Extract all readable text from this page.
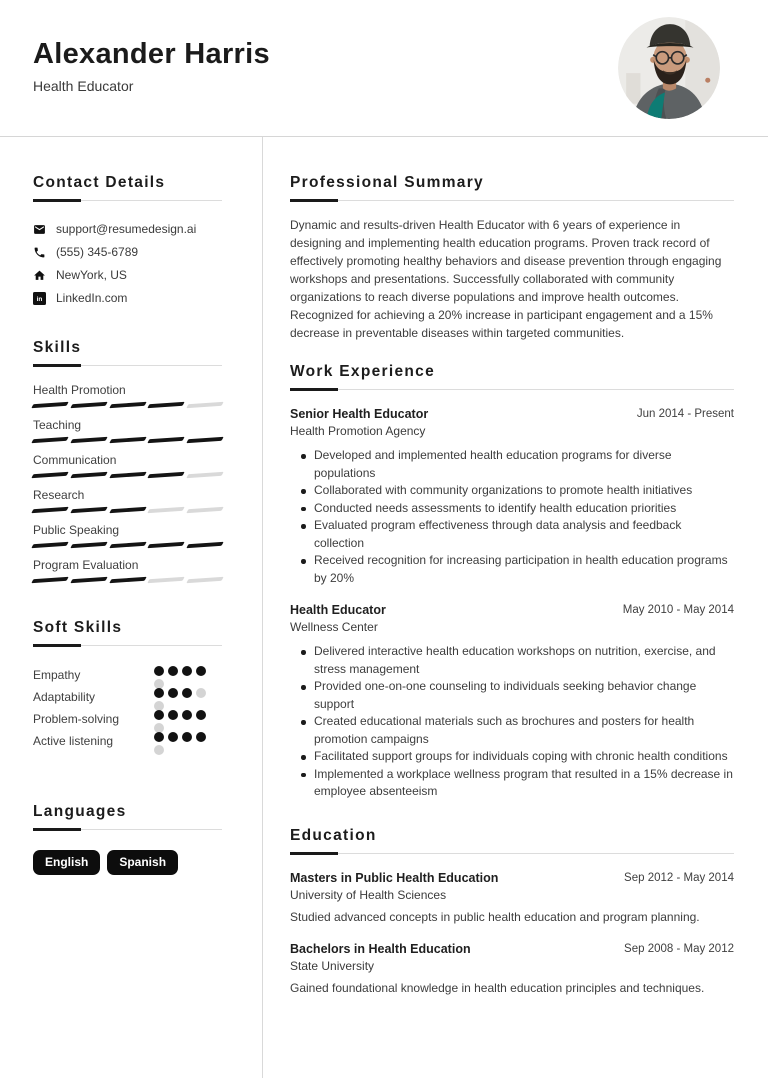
Alexander Harris
Health Educator
Contact Details
support@resumedesign.ai
(555) 345-6789
NewYork, US
in LinkedIn.com
Skills
Health Promotion
Teaching
Communication
Research
Public Speaking
Program Evaluation
Soft Skills
Empathy
Adaptability
Problem-solving
Active listening
Languages
English	Spanish
Professional Summary

Dynamic and results-driven Health Educator with 6 years of experience in designing and implementing health education programs. Proven track record of effectively promoting healthy behaviors and disease prevention through engaging workshops and presentations. Successfully collaborated with community organizations to reach diverse populations and improve health outcomes. Recognized for achieving a 20% increase in participant engagement and a 15% decrease in preventable diseases within targeted communities.

Work Experience
Senior Health Educator	Jun 2014 - Present
Health Promotion Agency
Developed and implemented health education programs for diverse populations
Collaborated with community organizations to promote health initiatives
Conducted needs assessments to identify health education priorities
Evaluated program effectiveness through data analysis and feedback collection
Received recognition for increasing participation in health education programs by 20%
Health Educator	May 2010 - May 2014
Wellness Center
Delivered interactive health education workshops on nutrition, exercise, and stress management
Provided one-on-one counseling to individuals seeking behavior change support
Created educational materials such as brochures and posters for health promotion campaigns
Facilitated support groups for individuals coping with chronic health conditions
Implemented a workplace wellness program that resulted in a 15% decrease in employee absenteeism
Education
Masters in Public Health Education	Sep 2012 - May 2014
University of Health Sciences

Studied advanced concepts in public health education and program planning.

Bachelors in Health Education	Sep 2008 - May 2012
State University

Gained foundational knowledge in health education principles and techniques.
